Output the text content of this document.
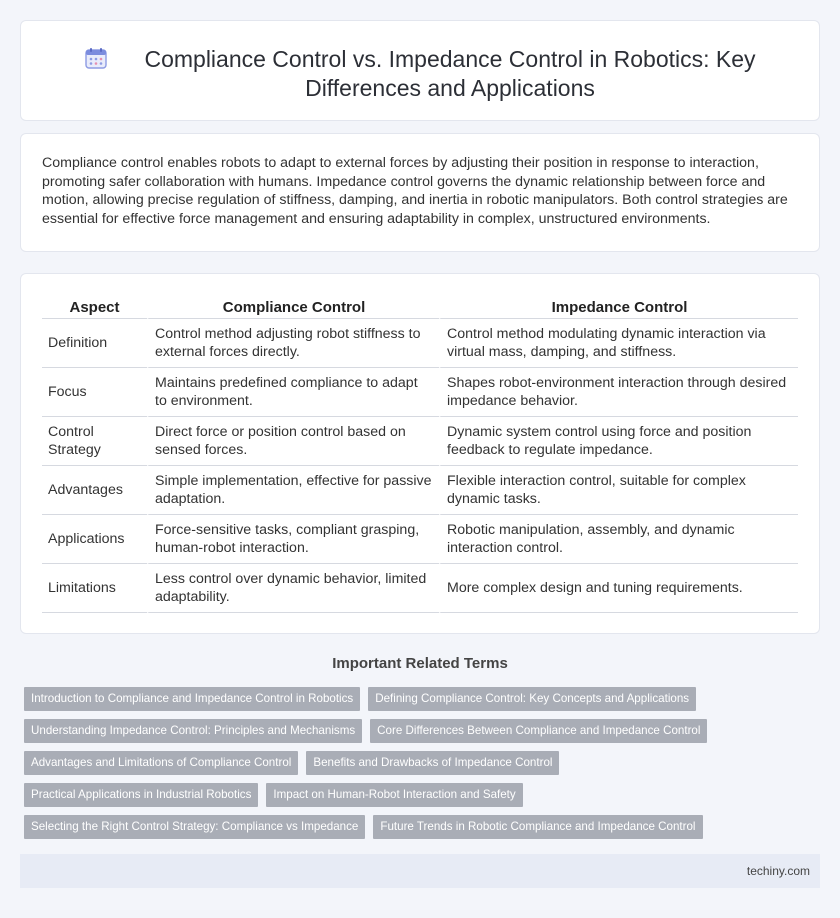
Compliance Control vs. Impedance Control in Robotics: Key Differences and Applications

Compliance control enables robots to adapt to external forces by adjusting their position in response to interaction, promoting safer collaboration with humans. Impedance control governs the dynamic relationship between force and motion, allowing precise regulation of stiffness, damping, and inertia in robotic manipulators. Both control strategies are essential for effective force management and ensuring adaptability in complex, unstructured environments.

Aspect	Compliance Control	Impedance Control
Definition	Control method adjusting robot stiffness to external forces directly.	Control method modulating dynamic interaction via virtual mass, damping, and stiffness.
Focus	Maintains predefined compliance to adapt to environment.	Shapes robot-environment interaction through desired impedance behavior.
Control Strategy	Direct force or position control based on sensed forces.	Dynamic system control using force and position feedback to regulate impedance.
Advantages	Simple implementation, effective for passive adaptation.	Flexible interaction control, suitable for complex dynamic tasks.
Applications	Force-sensitive tasks, compliant grasping, human-robot interaction.	Robotic manipulation, assembly, and dynamic interaction control.
Limitations	Less control over dynamic behavior, limited adaptability.	More complex design and tuning requirements.
Important Related Terms
Introduction to Compliance and Impedance Control in Robotics	Defining Compliance Control: Key Concepts and Applications
Understanding Impedance Control: Principles and Mechanisms	Core Differences Between Compliance and Impedance Control
Advantages and Limitations of Compliance Control	Benefits and Drawbacks of Impedance Control
Practical Applications in Industrial Robotics	Impact on Human-Robot Interaction and Safety
Selecting the Right Control Strategy: Compliance vs Impedance	Future Trends in Robotic Compliance and Impedance Control
techiny.com
